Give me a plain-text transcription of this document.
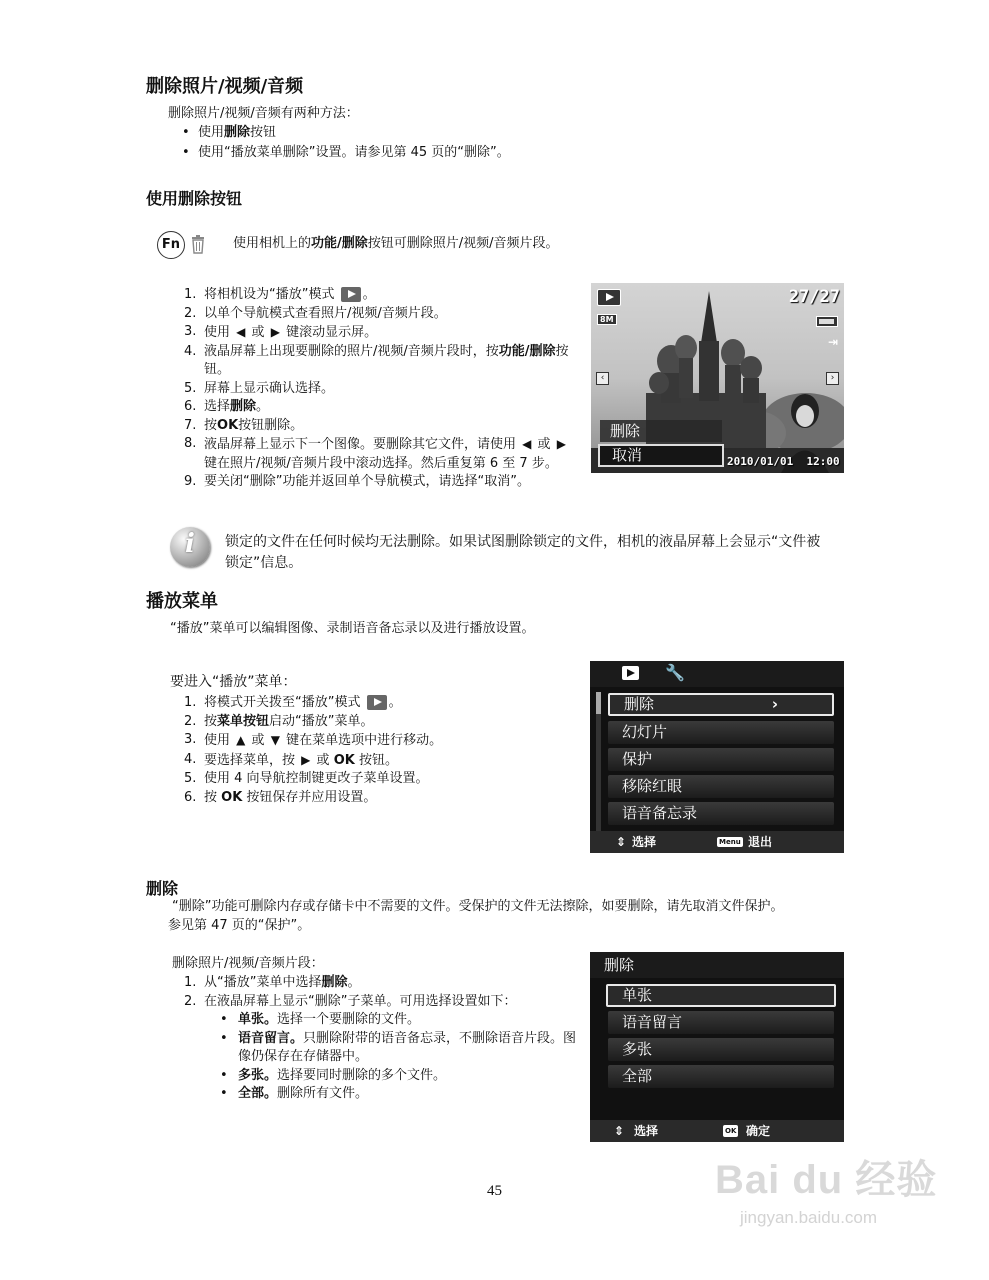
删除照片/视频/音频
删除照片/视频/音频有两种方法：
• 使用删除按钮
• 使用“播放菜单删除”设置。请参见第 45 页的“删除”。
使用删除按钮
Fn	使用相机上的功能/删除按钮可删除照片/视频/音频片段。
1. 将相机设为“播放”模式 。
2. 以单个导航模式查看照片/视频/音频片段。
3. 使用 ◀ 或 ▶ 键滚动显示屏。
4. 液晶屏幕上出现要删除的照片/视频/音频片段时，按功能/删除按钮。
5. 屏幕上显示确认选择。
6. 选择删除。
7. 按OK按钮删除。
8. 液晶屏幕上显示下一个图像。要删除其它文件，请使用 ◀ 或 ▶ 键在照片/视频/音频片段中滚动选择。然后重复第 6 至 7 步。
9. 要关闭“删除”功能并返回单个导航模式，请选择“取消”。
27/27
8M
⇥
‹	›
删除
取消	2010/01/01  12:00
i	锁定的文件在任何时候均无法删除。如果试图删除锁定的文件，相机的液晶屏幕上会显示“文件被锁定”信息。
播放菜单
“播放”菜单可以编辑图像、录制语音备忘录以及进行播放设置。
要进入“播放”菜单：
1. 将模式开关拨至“播放”模式 。
2. 按菜单按钮启动“播放”菜单。
3. 使用 ▲ 或 ▼ 键在菜单选项中进行移动。
4. 要选择菜单，按 ▶ 或 OK 按钮。
5. 使用 4 向导航控制键更改子菜单设置。
6. 按 OK 按钮保存并应用设置。
🔧
删除	›
幻灯片
保护
移除红眼
语音备忘录
⇕ 选择	Menu 退出
删除
“删除”功能可删除内存或存储卡中不需要的文件。受保护的文件无法擦除，如要删除，请先取消文件保护。
参见第 47 页的“保护”。
删除照片/视频/音频片段：
1. 从“播放”菜单中选择删除。
2. 在液晶屏幕上显示“删除”子菜单。可用选择设置如下：
• 单张。选择一个要删除的文件。
• 语音留言。只删除附带的语音备忘录，不删除语音片段。图像仍保存在存储器中。
• 多张。选择要同时删除的多个文件。
• 全部。删除所有文件。
删除
单张
语音留言
多张
全部
⇕ 选择	OK 确定
45	Bai du 经验
jingyan.baidu.com
